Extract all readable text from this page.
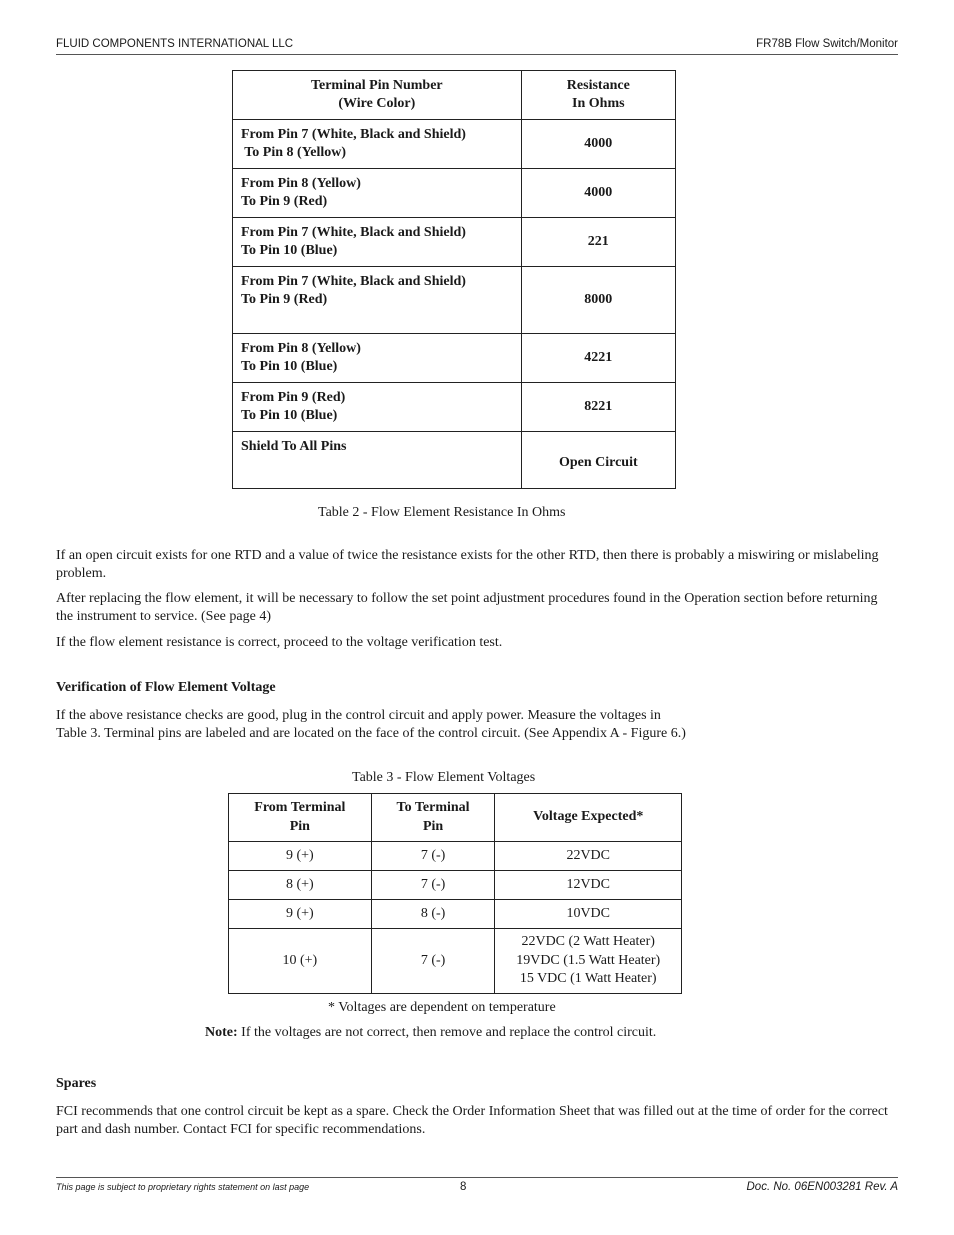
FLUID COMPONENTS INTERNATIONAL LLC	FR78B Flow Switch/Monitor
Terminal Pin Number
(Wire Color)	Resistance
In Ohms

From Pin 7 (White, Black and Shield)
To Pin 8 (Yellow)	4000

From Pin 8 (Yellow)
To Pin 9 (Red)	4000

From Pin 7 (White, Black and Shield)
To Pin 10 (Blue)	221

From Pin 7 (White, Black and Shield)
To Pin 9 (Red)	8000

From Pin 8 (Yellow)
To Pin 10 (Blue)	4221

From Pin 9 (Red)
To Pin 10 (Blue)	8221

Shield To All Pins	Open Circuit
Table 2 - Flow Element Resistance In Ohms
If an open circuit exists for one RTD and a value of twice the resistance exists for the other RTD, then there is probably a miswiring or mislabeling problem.
After replacing the flow element, it will be necessary to follow the set point adjustment procedures found in the Operation section before returning the instrument to service. (See page 4)
If the flow element resistance is correct, proceed to the voltage verification test.
Verification of Flow Element Voltage
If the above resistance checks are good, plug in the control circuit and apply power. Measure the voltages in
Table 3. Terminal pins are labeled and are located on the face of the control circuit. (See Appendix A - Figure 6.)
Table 3 - Flow Element Voltages
From Terminal
Pin	To Terminal
Pin	Voltage Expected*
9 (+)	7 (-)	22VDC
8 (+)	7 (-)	12VDC
9 (+)	8 (-)	10VDC
10 (+)	7 (-)	22VDC (2 Watt Heater)
19VDC (1.5 Watt Heater)
15 VDC (1 Watt Heater)
* Voltages are dependent on temperature
Note: If the voltages are not correct, then remove and replace the control circuit.
Spares
FCI recommends that one control circuit be kept as a spare. Check the Order Information Sheet that was filled out at the time of order for the correct part and dash number. Contact FCI for specific recommendations.
This page is subject to proprietary rights statement on last page	8	Doc. No. 06EN003281 Rev. A
